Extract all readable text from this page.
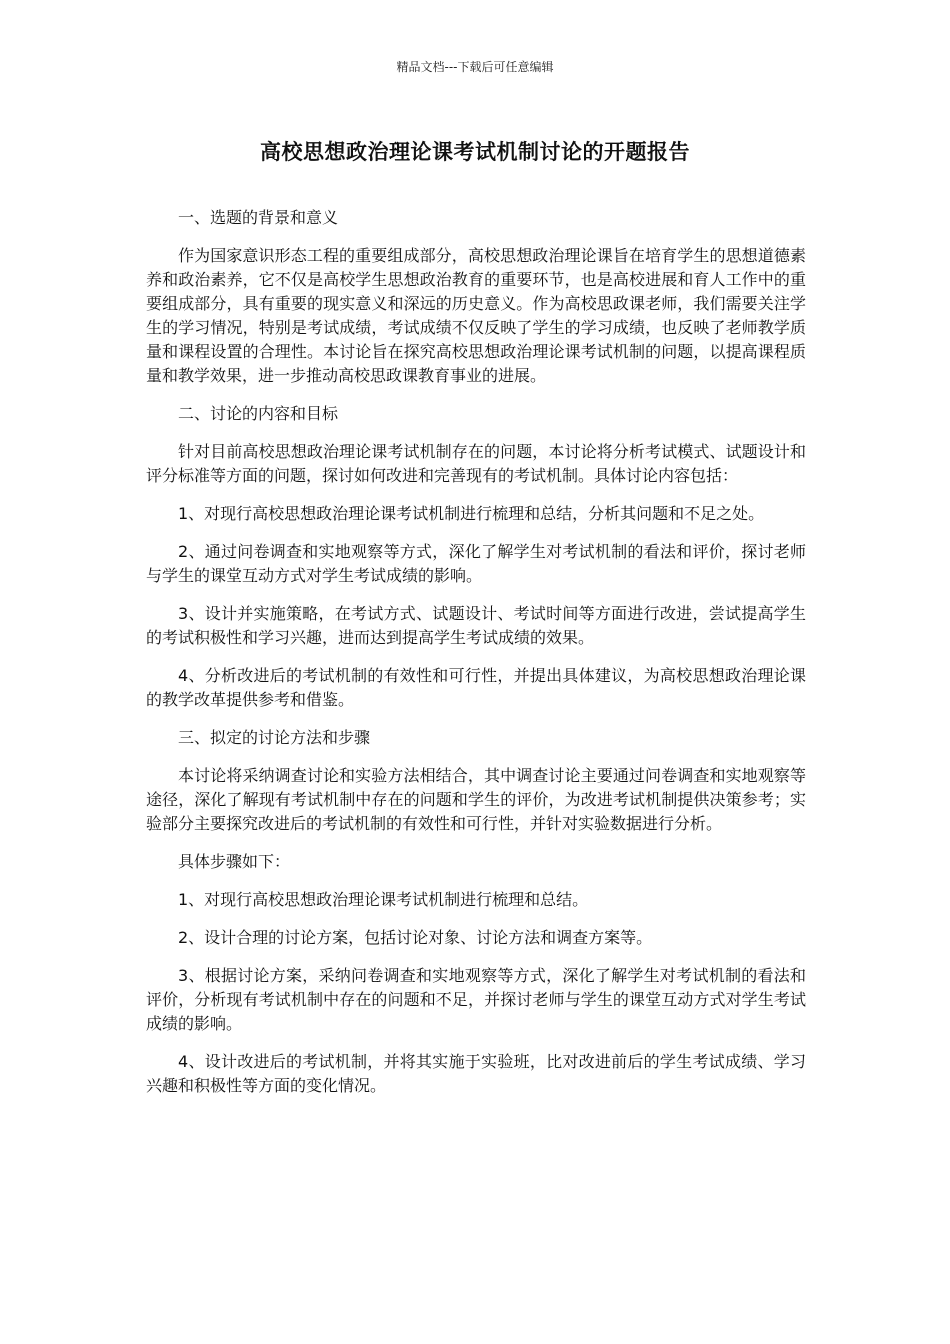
精品文档---下载后可任意编辑
高校思想政治理论课考试机制讨论的开题报告

一、选题的背景和意义

作为国家意识形态工程的重要组成部分，高校思想政治理论课旨在培育学生的思想道德素养和政治素养，它不仅是高校学生思想政治教育的重要环节，也是高校进展和育人工作中的重要组成部分，具有重要的现实意义和深远的历史意义。作为高校思政课老师，我们需要关注学生的学习情况，特别是考试成绩，考试成绩不仅反映了学生的学习成绩，也反映了老师教学质量和课程设置的合理性。本讨论旨在探究高校思想政治理论课考试机制的问题，以提高课程质量和教学效果，进一步推动高校思政课教育事业的进展。

二、讨论的内容和目标

针对目前高校思想政治理论课考试机制存在的问题，本讨论将分析考试模式、试题设计和评分标准等方面的问题，探讨如何改进和完善现有的考试机制。具体讨论内容包括：

1、对现行高校思想政治理论课考试机制进行梳理和总结，分析其问题和不足之处。

2、通过问卷调查和实地观察等方式，深化了解学生对考试机制的看法和评价，探讨老师与学生的课堂互动方式对学生考试成绩的影响。

3、设计并实施策略，在考试方式、试题设计、考试时间等方面进行改进，尝试提高学生的考试积极性和学习兴趣，进而达到提高学生考试成绩的效果。

4、分析改进后的考试机制的有效性和可行性，并提出具体建议，为高校思想政治理论课的教学改革提供参考和借鉴。

三、拟定的讨论方法和步骤

本讨论将采纳调查讨论和实验方法相结合，其中调查讨论主要通过问卷调查和实地观察等途径，深化了解现有考试机制中存在的问题和学生的评价，为改进考试机制提供决策参考；实验部分主要探究改进后的考试机制的有效性和可行性，并针对实验数据进行分析。

具体步骤如下：

1、对现行高校思想政治理论课考试机制进行梳理和总结。

2、设计合理的讨论方案，包括讨论对象、讨论方法和调查方案等。

3、根据讨论方案，采纳问卷调查和实地观察等方式，深化了解学生对考试机制的看法和评价，分析现有考试机制中存在的问题和不足，并探讨老师与学生的课堂互动方式对学生考试成绩的影响。

4、设计改进后的考试机制，并将其实施于实验班，比对改进前后的学生考试成绩、学习兴趣和积极性等方面的变化情况。
